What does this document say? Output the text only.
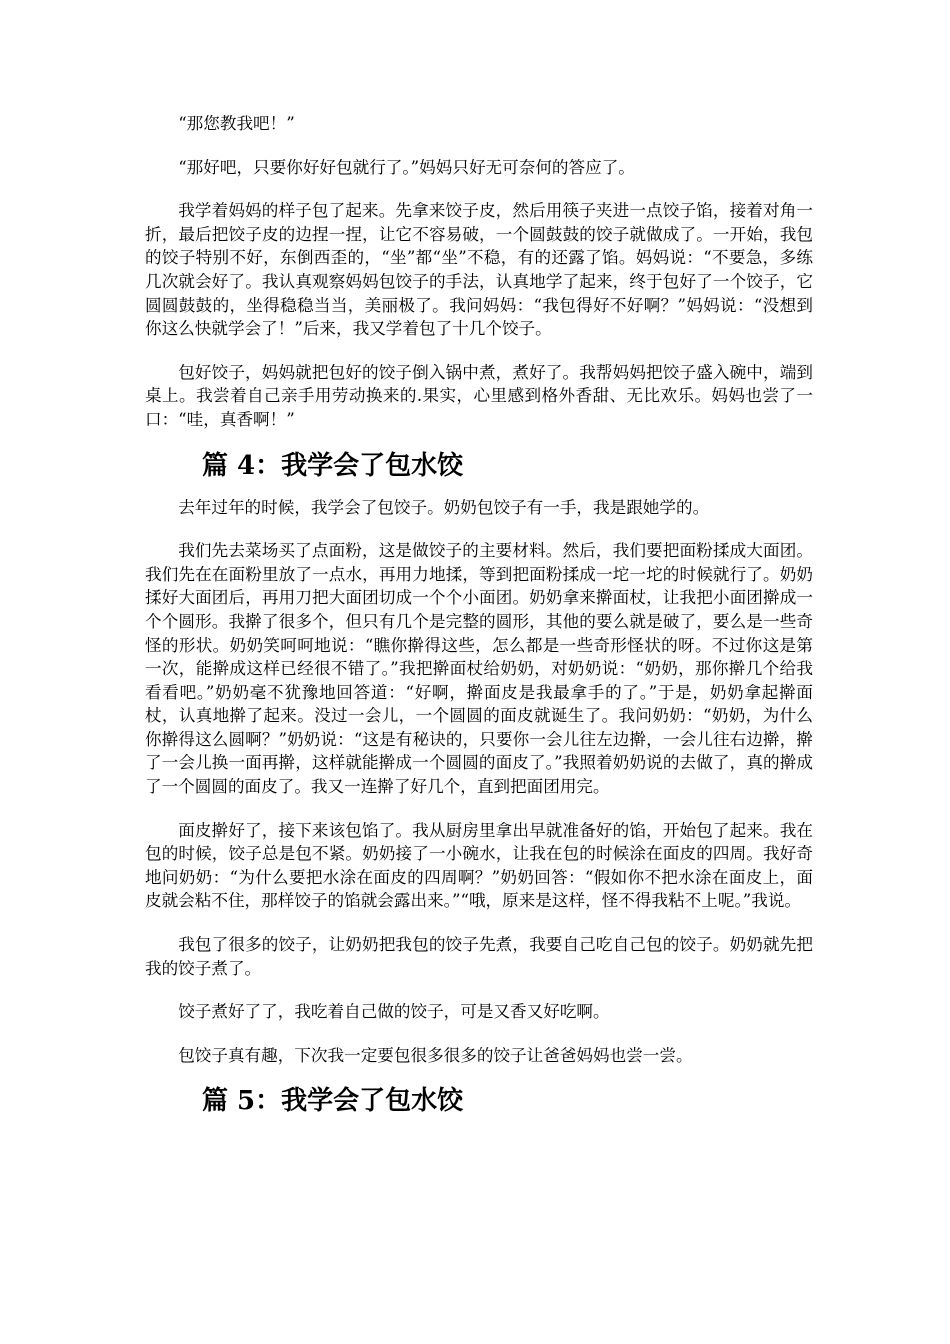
“那您教我吧！”

“那好吧，只要你好好包就行了。”妈妈只好无可奈何的答应了。

我学着妈妈的样子包了起来。先拿来饺子皮，然后用筷子夹进一点饺子馅，接着对角一折，最后把饺子皮的边捏一捏，让它不容易破，一个圆鼓鼓的饺子就做成了。一开始，我包的饺子特别不好，东倒西歪的，“坐”都“坐”不稳，有的还露了馅。妈妈说：“不要急，多练几次就会好了。我认真观察妈妈包饺子的手法，认真地学了起来，终于包好了一个饺子，它圆圆鼓鼓的，坐得稳稳当当，美丽极了。我问妈妈：“我包得好不好啊？”妈妈说：“没想到你这么快就学会了！”后来，我又学着包了十几个饺子。

包好饺子，妈妈就把包好的饺子倒入锅中煮，煮好了。我帮妈妈把饺子盛入碗中，端到桌上。我尝着自己亲手用劳动换来的.果实，心里感到格外香甜、无比欢乐。妈妈也尝了一口：“哇，真香啊！”

篇 4：我学会了包水饺

去年过年的时候，我学会了包饺子。奶奶包饺子有一手，我是跟她学的。

我们先去菜场买了点面粉，这是做饺子的主要材料。然后，我们要把面粉揉成大面团。我们先在在面粉里放了一点水，再用力地揉，等到把面粉揉成一坨一坨的时候就行了。奶奶揉好大面团后，再用刀把大面团切成一个个小面团。奶奶拿来擀面杖，让我把小面团擀成一个个圆形。我擀了很多个，但只有几个是完整的圆形，其他的要么就是破了，要么是一些奇怪的形状。奶奶笑呵呵地说：“瞧你擀得这些，怎么都是一些奇形怪状的呀。不过你这是第一次，能擀成这样已经很不错了。”我把擀面杖给奶奶，对奶奶说：“奶奶，那你擀几个给我看看吧。”奶奶毫不犹豫地回答道：“好啊，擀面皮是我最拿手的了。”于是，奶奶拿起擀面杖，认真地擀了起来。没过一会儿，一个圆圆的面皮就诞生了。我问奶奶：“奶奶，为什么你擀得这么圆啊？”奶奶说：“这是有秘诀的，只要你一会儿往左边擀，一会儿往右边擀，擀了一会儿换一面再擀，这样就能擀成一个圆圆的面皮了。”我照着奶奶说的去做了，真的擀成了一个圆圆的面皮了。我又一连擀了好几个，直到把面团用完。

面皮擀好了，接下来该包馅了。我从厨房里拿出早就准备好的馅，开始包了起来。我在包的时候，饺子总是包不紧。奶奶接了一小碗水，让我在包的时候涂在面皮的四周。我好奇地问奶奶：“为什么要把水涂在面皮的四周啊？”奶奶回答：“假如你不把水涂在面皮上，面皮就会粘不住，那样饺子的馅就会露出来。”“哦，原来是这样，怪不得我粘不上呢。”我说。

我包了很多的饺子，让奶奶把我包的饺子先煮，我要自己吃自己包的饺子。奶奶就先把我的饺子煮了。

饺子煮好了了，我吃着自己做的饺子，可是又香又好吃啊。

包饺子真有趣，下次我一定要包很多很多的饺子让爸爸妈妈也尝一尝。

篇 5：我学会了包水饺
